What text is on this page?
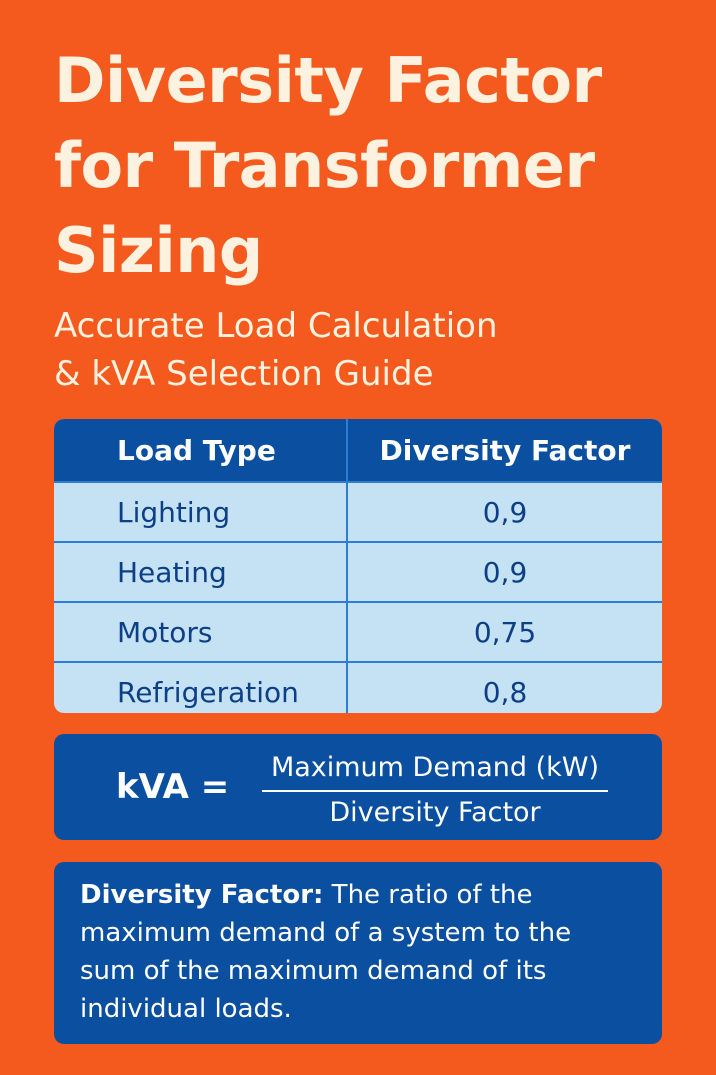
Diversity Factor
for Transformer
Sizing
Accurate Load Calculation
& kVA Selection Guide
Load Type	Diversity Factor
Lighting	0,9
Heating	0,9
Motors	0,75
Refrigeration	0,8
kVA =	Maximum Demand (kW)
Diversity Factor

Diversity Factor: The ratio of the
maximum demand of a system to the
sum of the maximum demand of its
individual loads.
